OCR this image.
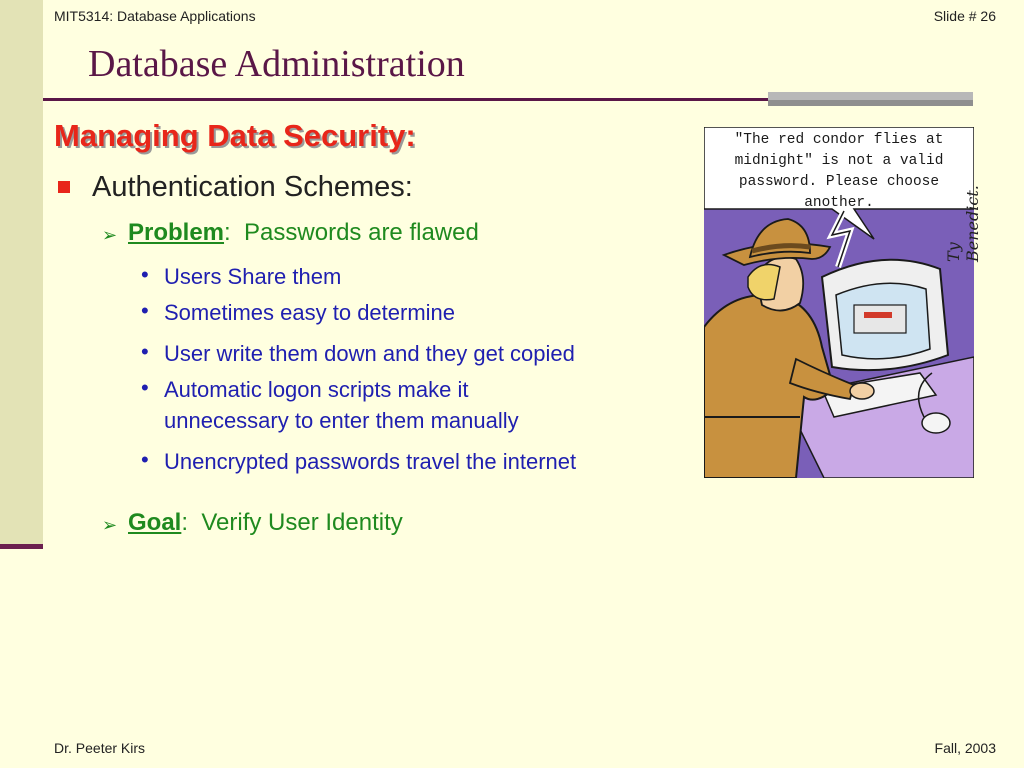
MIT5314: Database Applications	Slide # 26
Database Administration
Managing Data Security:
Authentication Schemes:
➢ Problem: Passwords are flawed
• Users Share them
• Sometimes easy to determine
• User write them down and they get copied
• Automatic logon scripts make it
unnecessary to enter them manually
• Unencrypted passwords travel the internet
➢ Goal: Verify User Identity
"The red condor flies at
midnight" is not a valid
password. Please choose
another.
Ty Benedict.
Dr. Peeter Kirs	Fall, 2003
